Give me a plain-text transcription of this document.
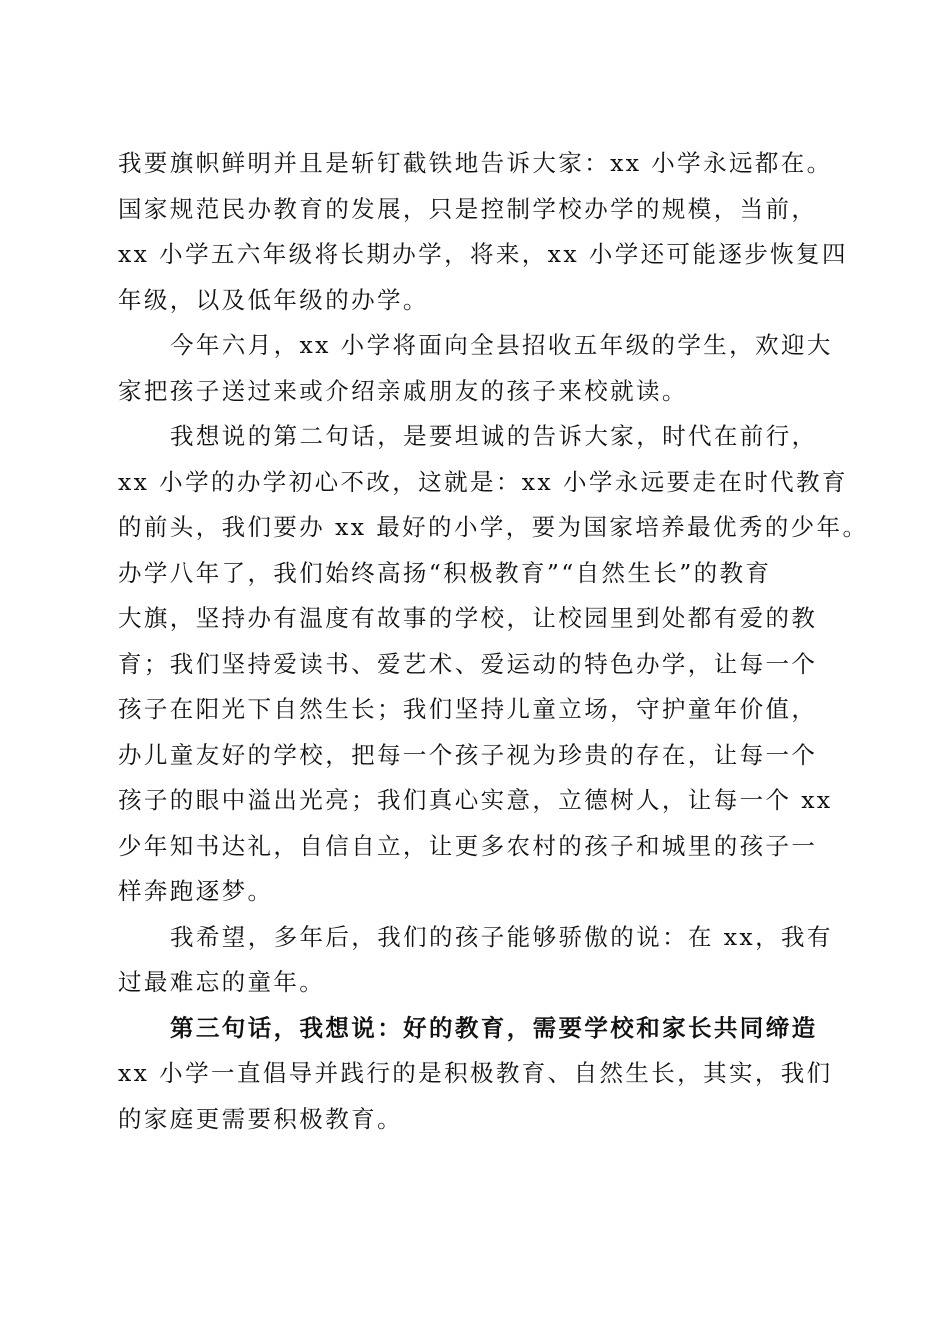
我要旗帜鲜明并且是斩钉截铁地告诉大家：xx 小学永远都在。
国家规范民办教育的发展，只是控制学校办学的规模，当前，
xx 小学五六年级将长期办学，将来，xx 小学还可能逐步恢复四
年级，以及低年级的办学。
今年六月，xx 小学将面向全县招收五年级的学生，欢迎大
家把孩子送过来或介绍亲戚朋友的孩子来校就读。
我想说的第二句话，是要坦诚的告诉大家，时代在前行，
xx 小学的办学初心不改，这就是：xx 小学永远要走在时代教育
的前头，我们要办 xx 最好的小学，要为国家培养最优秀的少年。
办学八年了，我们始终高扬“积极教育”“自然生长”的教育
大旗，坚持办有温度有故事的学校，让校园里到处都有爱的教
育；我们坚持爱读书、爱艺术、爱运动的特色办学，让每一个
孩子在阳光下自然生长；我们坚持儿童立场，守护童年价值，
办儿童友好的学校，把每一个孩子视为珍贵的存在，让每一个
孩子的眼中溢出光亮；我们真心实意，立德树人，让每一个 xx
少年知书达礼，自信自立，让更多农村的孩子和城里的孩子一
样奔跑逐梦。
我希望，多年后，我们的孩子能够骄傲的说：在 xx，我有
过最难忘的童年。
第三句话，我想说：好的教育，需要学校和家长共同缔造
xx 小学一直倡导并践行的是积极教育、自然生长，其实，我们
的家庭更需要积极教育。
